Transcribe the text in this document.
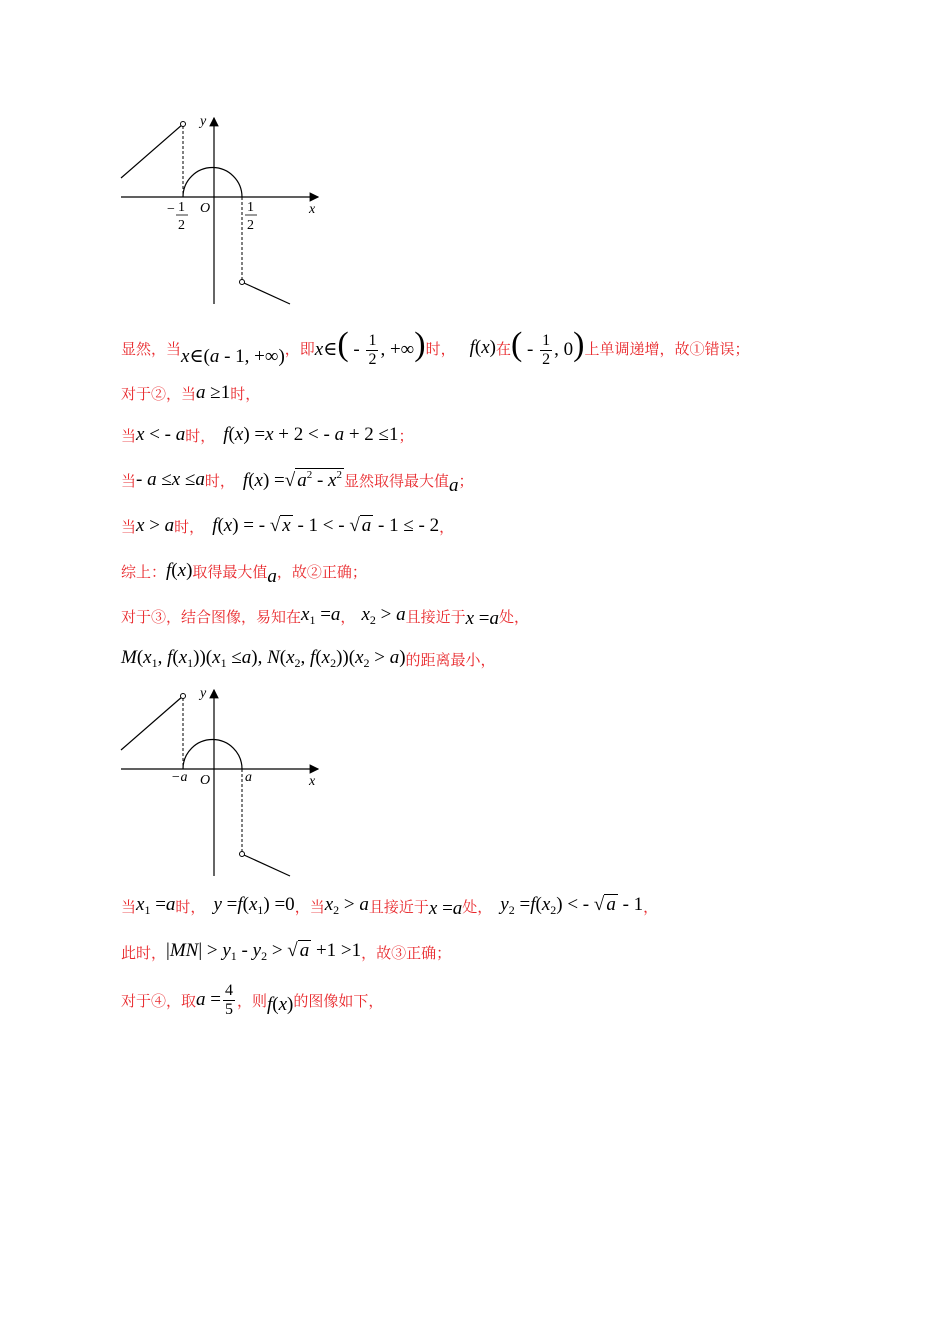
y
x
O
− 1
2
1
2
显然，当 x∈(a - 1, +∞) ，即 x∈( - $\frac{1}{2}$ , +∞) 时， f(x) 在 ( - $\frac{1}{2}$ , 0) 上单调递增，故①错误；
对于②，当 a ≥1 时，
当 x < - a 时， f(x) =x + 2 < - a + 2 ≤1 ；
当 - a ≤x ≤a 时， f(x) =√ $a^2 - x^2$ 显然取得最大值 a ；
当 x > a 时， f(x) = - √ x - 1 < - √ a - 1 ≤ - 2 ，
综上： f(x) 取得最大值 a ，故②正确；
对于③，结合图像，易知在 $x_1 =a$ ， $x_2 > a$ 且接近于 x =a 处，
$M(x_1$, $f(x_1))(x_1 \le a)$, $N(x_2$, $f(x_2))(x_2 > a)$ 的距离最小，
y
x
O
−a	a
当 $x_1 =a$ 时， $y =f(x_1) =0$ ，当 $x_2 > a$ 且接近于 x =a 处， $y_2 =f(x_2)$ < - √ a - 1 ，
此时， $|MN| > y_1 - y_2$ > √ a +1 >1 ，故③正确；
对于④，取 $a = \frac{4}{5}$ ，则 f(x) 的图像如下，
